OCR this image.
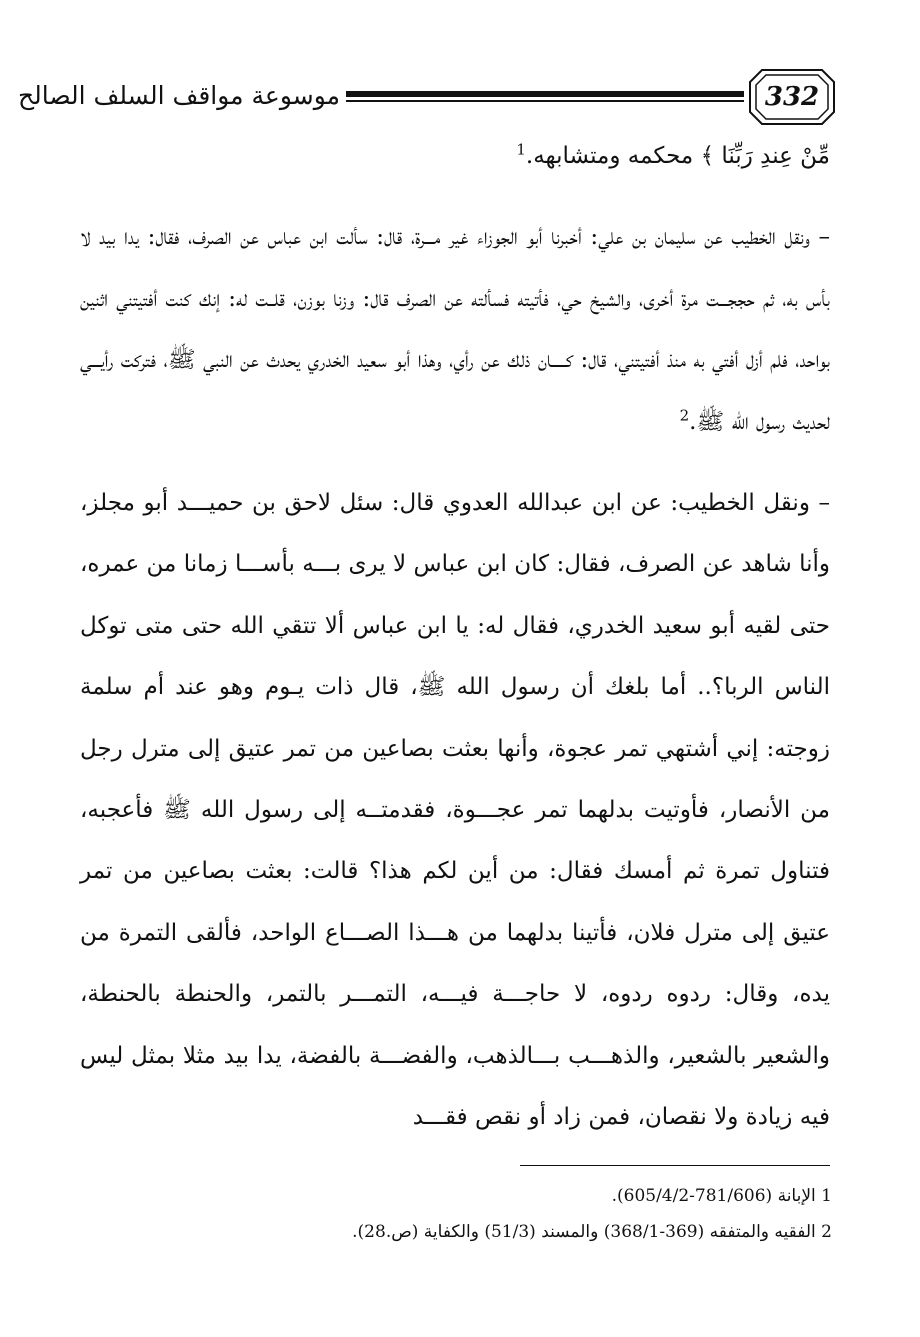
موسوعة مواقف السلف الصالح	332

مِّنْ عِندِ رَبِّنَا ﴾ محكمه ومتشابهه.$^1$

– ونقل الخطيب عن سليمان بن علي: أخبرنا أبو الجوزاء غير مـــرة، قال: سألت ابن عباس عن الصرف، فقال: يدا بيد لا بأس به، ثم حججـــت مرة أخرى، والشيخ حي، فأتيته فسألته عن الصرف قال: وزنا بوزن، قلــت له: إنك كنت أفتيتني اثنين بواحد، فلم أزل أفتي به منذ أفتيتني، قال: كـــــان ذلك عن رأي، وهذا أبو سعيد الخدري يحدث عن النبي ﷺ، فتركت رأيـــي لحديث رسول الله ﷺ.$^2$

– ونقل الخطيب: عن ابن عبدالله العدوي قال: سئل لاحق بن حميـــد أبو مجلز، وأنا شاهد عن الصرف، فقال: كان ابن عباس لا يرى بـــه بأســـا زمانا من عمره، حتى لقيه أبو سعيد الخدري، فقال له: يا ابن عباس ألا تتقي الله حتى متى توكل الناس الربا؟.. أما بلغك أن رسول الله ﷺ، قال ذات يـوم وهو عند أم سلمة زوجته: إني أشتهي تمر عجوة، وأنها بعثت بصاعين من تمر عتيق إلى مترل رجل من الأنصار، فأوتيت بدلهما تمر عجـــوة، فقدمتــه إلى رسول الله ﷺ فأعجبه، فتناول تمرة ثم أمسك فقال: من أين لكم هذا؟ قالت: بعثت بصاعين من تمر عتيق إلى مترل فلان، فأتينا بدلهما من هـــذا الصـــاع الواحد، فألقى التمرة من يده، وقال: ردوه ردوه، لا حاجـــة فيـــه، التمـــر بالتمر، والحنطة بالحنطة، والشعير بالشعير، والذهـــب بـــالذهب، والفضـــة بالفضة، يدا بيد مثلا بمثل ليس فيه زيادة ولا نقصان، فمن زاد أو نقص فقـــد

1 الإبانة (781/606-605/4/2).

2 الفقيه والمتفقه (369-368/1) والمسند (51/3) والكفاية (ص.28).
